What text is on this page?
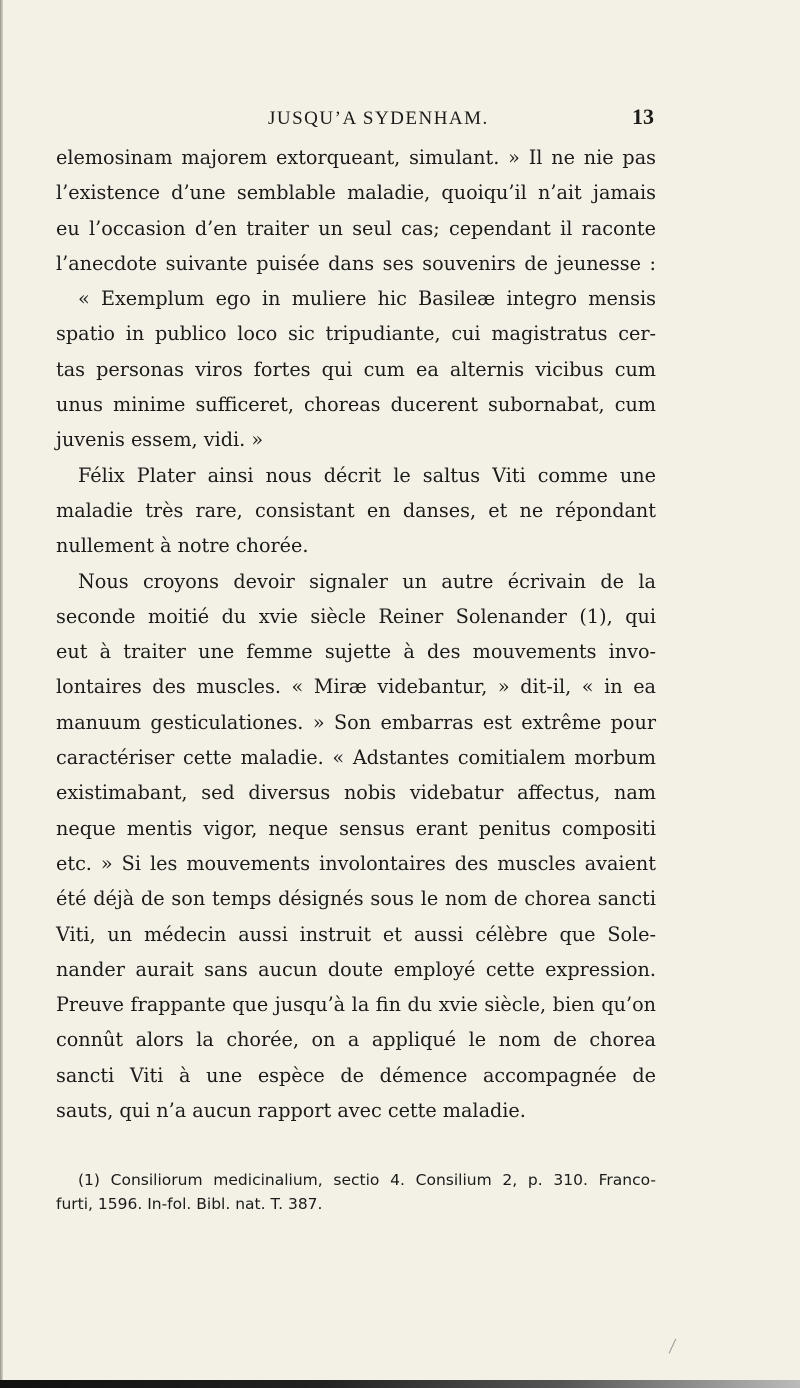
JUSQU’A SYDENHAM.	13
elemosinam majorem extorqueant, simulant. » Il ne nie pas
l’existence d’une semblable maladie, quoiqu’il n’ait jamais
eu l’occasion d’en traiter un seul cas; cependant il raconte
l’anecdote suivante puisée dans ses souvenirs de jeunesse :
« Exemplum ego in muliere hic Basileæ integro mensis
spatio in publico loco sic tripudiante, cui magistratus cer-
tas personas viros fortes qui cum ea alternis vicibus cum
unus minime sufficeret, choreas ducerent subornabat, cum
juvenis essem, vidi. »
Félix Plater ainsi nous décrit le saltus Viti comme une
maladie très rare, consistant en danses, et ne répondant
nullement à notre chorée.
Nous croyons devoir signaler un autre écrivain de la
seconde moitié du xvie siècle Reiner Solenander (1), qui
eut à traiter une femme sujette à des mouvements invo-
lontaires des muscles. « Miræ videbantur, » dit-il, « in ea
manuum gesticulationes. » Son embarras est extrême pour
caractériser cette maladie. « Adstantes comitialem morbum
existimabant, sed diversus nobis videbatur affectus, nam
neque mentis vigor, neque sensus erant penitus compositi
etc. » Si les mouvements involontaires des muscles avaient
été déjà de son temps désignés sous le nom de chorea sancti
Viti, un médecin aussi instruit et aussi célèbre que Sole-
nander aurait sans aucun doute employé cette expression.
Preuve frappante que jusqu’à la fin du xvie siècle, bien qu’on
connût alors la chorée, on a appliqué le nom de chorea
sancti Viti à une espèce de démence accompagnée de
sauts, qui n’a aucun rapport avec cette maladie.
(1) Consiliorum medicinalium, sectio 4. Consilium 2, p. 310. Franco-
furti, 1596. In-fol. Bibl. nat. T. 387.
